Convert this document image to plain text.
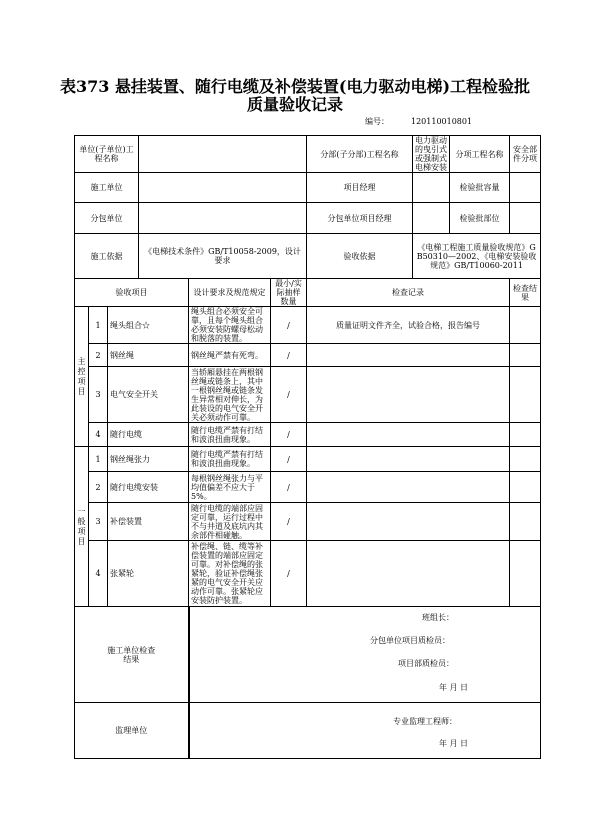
表373 悬挂装置、随行电缆及补偿装置(电力驱动电梯)工程检验批
质量验收记录
编号：	120110010801
单位(子单位)工程名称						分部(子分部)工程名称	电力驱动的曳引式或强制式电梯安装	分项工程名称	安全部件分项
施工单位						项目经理		检验批容量	
分包单位						分包单位项目经理		检验批部位	
施工依据			《电梯技术条件》GB/T10058-2009，设计要求			验收依据	《电梯工程施工质量验收规范》GB50310—2002、《电梯安装验收规范》GB/T10060-2011		
验收项目				设计要求及规范规定	最小/实际抽样数量	检查记录			检查结果

主控项目	1	绳头组合☆		绳头组合必须安全可靠，且每个绳头组合必须安装防螺母松动和脱落的装置。	/	质量证明文件齐全，试验合格，报告编号			
	2	钢丝绳		钢丝绳严禁有死弯。	/				
	3	电气安全开关		当轿厢悬挂在两根钢丝绳或链条上，其中一根钢丝绳或链条发生异常相对伸长，为此装设的电气安全开关必须动作可靠。	/				
	4	随行电缆		随行电缆严禁有打结和波浪扭曲现象。	/				

一般项目	1	钢丝绳张力		随行电缆严禁有打结和波浪扭曲现象。	/				
	2	随行电缆安装		每根钢丝绳张力与平均值偏差不应大于5%。	/				
	3	补偿装置		随行电缆的端部应固定可靠，运行过程中不与井道及底坑内其余部件相碰触。	/				
	4	张紧轮		补偿绳、链、缆等补偿装置的端部应固定可靠。对补偿绳的张紧轮，验证补偿绳张紧的电气安全开关应动作可靠。张紧轮应安装防护装置。	/				

施工单位检查结果				班组长：
分包单位项目质检员：
项目部质检员：
年 月 日					

监理单位				专业监理工程师：
年 月 日					
